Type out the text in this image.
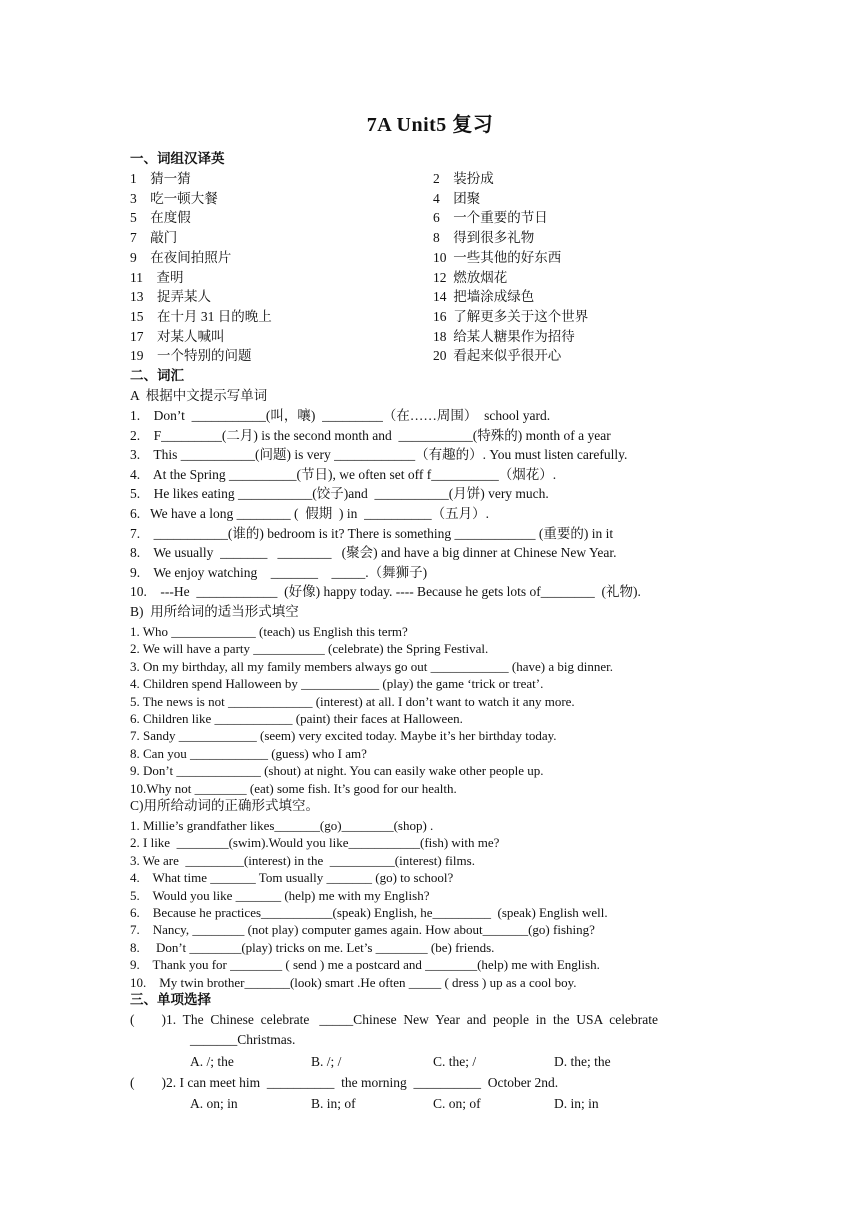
7A Unit5 复习
一、词组汉译英
1    猜一猜	2    装扮成
3    吃一顿大餐	4    团聚
5    在度假	6    一个重要的节日
7    敲门	8    得到很多礼物
9    在夜间拍照片	10  一些其他的好东西
11    查明	12  燃放烟花
13    捉弄某人	14  把墙涂成绿色
15    在十月 31 日的晚上	16  了解更多关于这个世界
17    对某人喊叫	18  给某人糖果作为招待
19    一个特别的问题	20  看起来似乎很开心
二、词汇
A  根据中文提示写单词
1.    Don’t  ___________(叫，嚷)  _________（在……周围）  school yard.
2.    F_________(二月) is the second month and  ___________(特殊的) month of a year
3.    This ___________(问题) is very ____________（有趣的）. You must listen carefully.
4.    At the Spring __________(节日), we often set off f__________（烟花）.
5.    He likes eating ___________(饺子)and  ___________(月饼) very much.
6.   We have a long ________ (  假期  ) in  __________（五月）.
7.    ___________(谁的) bedroom is it? There is something ____________ (重要的) in it
8.    We usually  _______   ________   (聚会) and have a big dinner at Chinese New Year.
9.    We enjoy watching    _______    _____.（舞狮子)
10.    ---He  ____________  (好像) happy today. ---- Because he gets lots of________  (礼物).
B)  用所给词的适当形式填空
1. Who _____________ (teach) us English this term?
2. We will have a party ___________ (celebrate) the Spring Festival.
3. On my birthday, all my family members always go out ____________ (have) a big dinner.
4. Children spend Halloween by ____________ (play) the game ‘trick or treat’.
5. The news is not _____________ (interest) at all. I don’t want to watch it any more.
6. Children like ____________ (paint) their faces at Halloween.
7. Sandy ____________ (seem) very excited today. Maybe it’s her birthday today.
8. Can you ____________ (guess) who I am?
9. Don’t _____________ (shout) at night. You can easily wake other people up.
10.Why not ________ (eat) some fish. It’s good for our health.
C)用所给动词的正确形式填空。
1. Millie’s grandfather likes_______(go)________(shop) .
2. I like  ________(swim).Would you like___________(fish) with me?
3. We are  _________(interest) in the  __________(interest) films.
4.    What time _______ Tom usually _______ (go) to school?
5.    Would you like _______ (help) me with my English?
6.    Because he practices___________(speak) English, he_________  (speak) English well.
7.    Nancy, ________ (not play) computer games again. How about_______(go) fishing?
8.     Don’t ________(play) tricks on me. Let’s ________ (be) friends.
9.    Thank you for ________ ( send ) me a postcard and ________(help) me with English.
10.    My twin brother_______(look) smart .He often _____ ( dress ) up as a cool boy.
三、单项选择
(        )1.  The  Chinese  celebrate   _____Chinese  New  Year  and  people  in  the  USA  celebrate
_______Christmas.
A. /; the	B. /; /	C. the; /	D. the; the
(        )2. I can meet him  __________  the morning  __________  October 2nd.
A. on; in	B. in; of	C. on; of	D. in; in
